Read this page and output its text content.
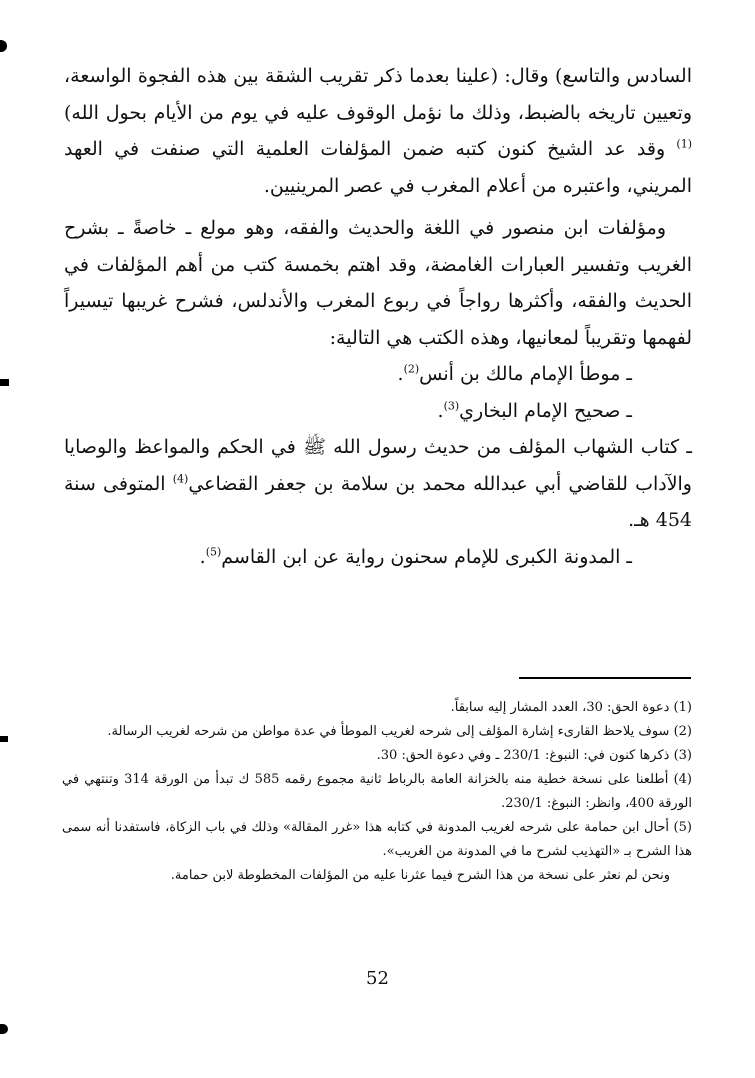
السادس والتاسع) وقال: (علينا بعدما ذكر تقريب الشقة بين هذه الفجوة الواسعة، وتعيين تاريخه بالضبط، وذلك ما نؤمل الوقوف عليه في يوم من الأيام بحول الله)$^{(1)}$ وقد عد الشيخ كنون كتبه ضمن المؤلفات العلمية التي صنفت في العهد المريني، واعتبره من أعلام المغرب في عصر المرينيين.

ومؤلفات ابن منصور في اللغة والحديث والفقه، وهو مولع ـ خاصةً ـ بشرح الغريب وتفسير العبارات الغامضة، وقد اهتم بخمسة كتب من أهم المؤلفات في الحديث والفقه، وأكثرها رواجاً في ربوع المغرب والأندلس، فشرح غريبها تيسيراً لفهمها وتقريباً لمعانيها، وهذه الكتب هي التالية:

ـ موطأ الإمام مالك بن أنس$^{(2)}$.

ـ صحيح الإمام البخاري$^{(3)}$.

ـ كتاب الشهاب المؤلف من حديث رسول الله ﷺ في الحكم والمواعظ والوصايا والآداب للقاضي أبي عبدالله محمد بن سلامة بن جعفر القضاعي$^{(4)}$ المتوفى سنة 454 هـ.

ـ المدونة الكبرى للإمام سحنون رواية عن ابن القاسم$^{(5)}$.

(1) دعوة الحق: 30، العدد المشار إليه سابقاً.

(2) سوف يلاحظ القارىء إشارة المؤلف إلى شرحه لغريب الموطأ في عدة مواطن من شرحه لغريب الرسالة.

(3) ذكرها كنون في: النبوغ: 230/1 ـ وفي دعوة الحق: 30.

(4) أطلعنا على نسخة خطية منه بالخزانة العامة بالرباط ثانية مجموع رقمه 585 ك تبدأ من الورقة 314 وتنتهي في الورقة 400، وانظر: النبوغ: 230/1.

(5) أحال ابن حمامة على شرحه لغريب المدونة في كتابه هذا «غرر المقالة» وذلك في باب الزكاة، فاستفدنا أنه سمى هذا الشرح بـ «التهذيب لشرح ما في المدونة من الغريب».

ونحن لم نعثر على نسخة من هذا الشرح فيما عثرنا عليه من المؤلفات المخطوطة لابن حمامة.

52
